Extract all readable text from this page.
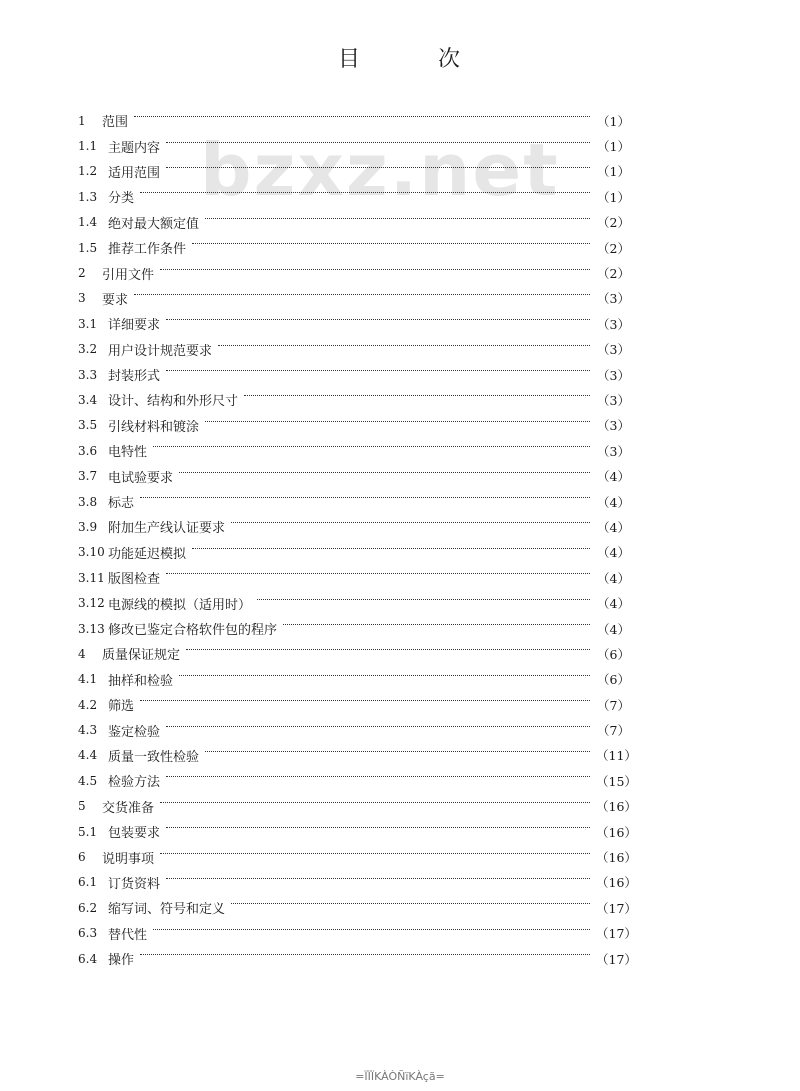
目	次
bzxz.net
1	范围	（1）
1.1 主题内容	（1）
1.2 适用范围	（1）
1.3 分类	（1）
1.4 绝对最大额定值	（2）
1.5 推荐工作条件	（2）
2	引用文件	（2）
3	要求	（3）
3.1 详细要求	（3）
3.2 用户设计规范要求	（3）
3.3 封装形式	（3）
3.4 设计、结构和外形尺寸	（3）
3.5 引线材料和镀涂	（3）
3.6 电特性	（3）
3.7 电试验要求	（4）
3.8 标志	（4）
3.9 附加生产线认证要求	（4）
3.10 功能延迟模拟	（4）
3.11 版图检查	（4）
3.12 电源线的模拟（适用时）	（4）
3.13 修改已鉴定合格软件包的程序	（4）
4	质量保证规定	（6）
4.1 抽样和检验	（6）
4.2 筛选	（7）
4.3 鉴定检验	（7）
4.4 质量一致性检验	（11）
4.5 检验方法	（15）
5	交货准备	（16）
5.1 包装要求	（16）
6	说明事项	（16）
6.1 订货资料	（16）
6.2 缩写词、符号和定义	（17）
6.3 替代性	（17）
6.4 操作	（17）
=ÏÏÏKÀÒÑïKÀçã=
